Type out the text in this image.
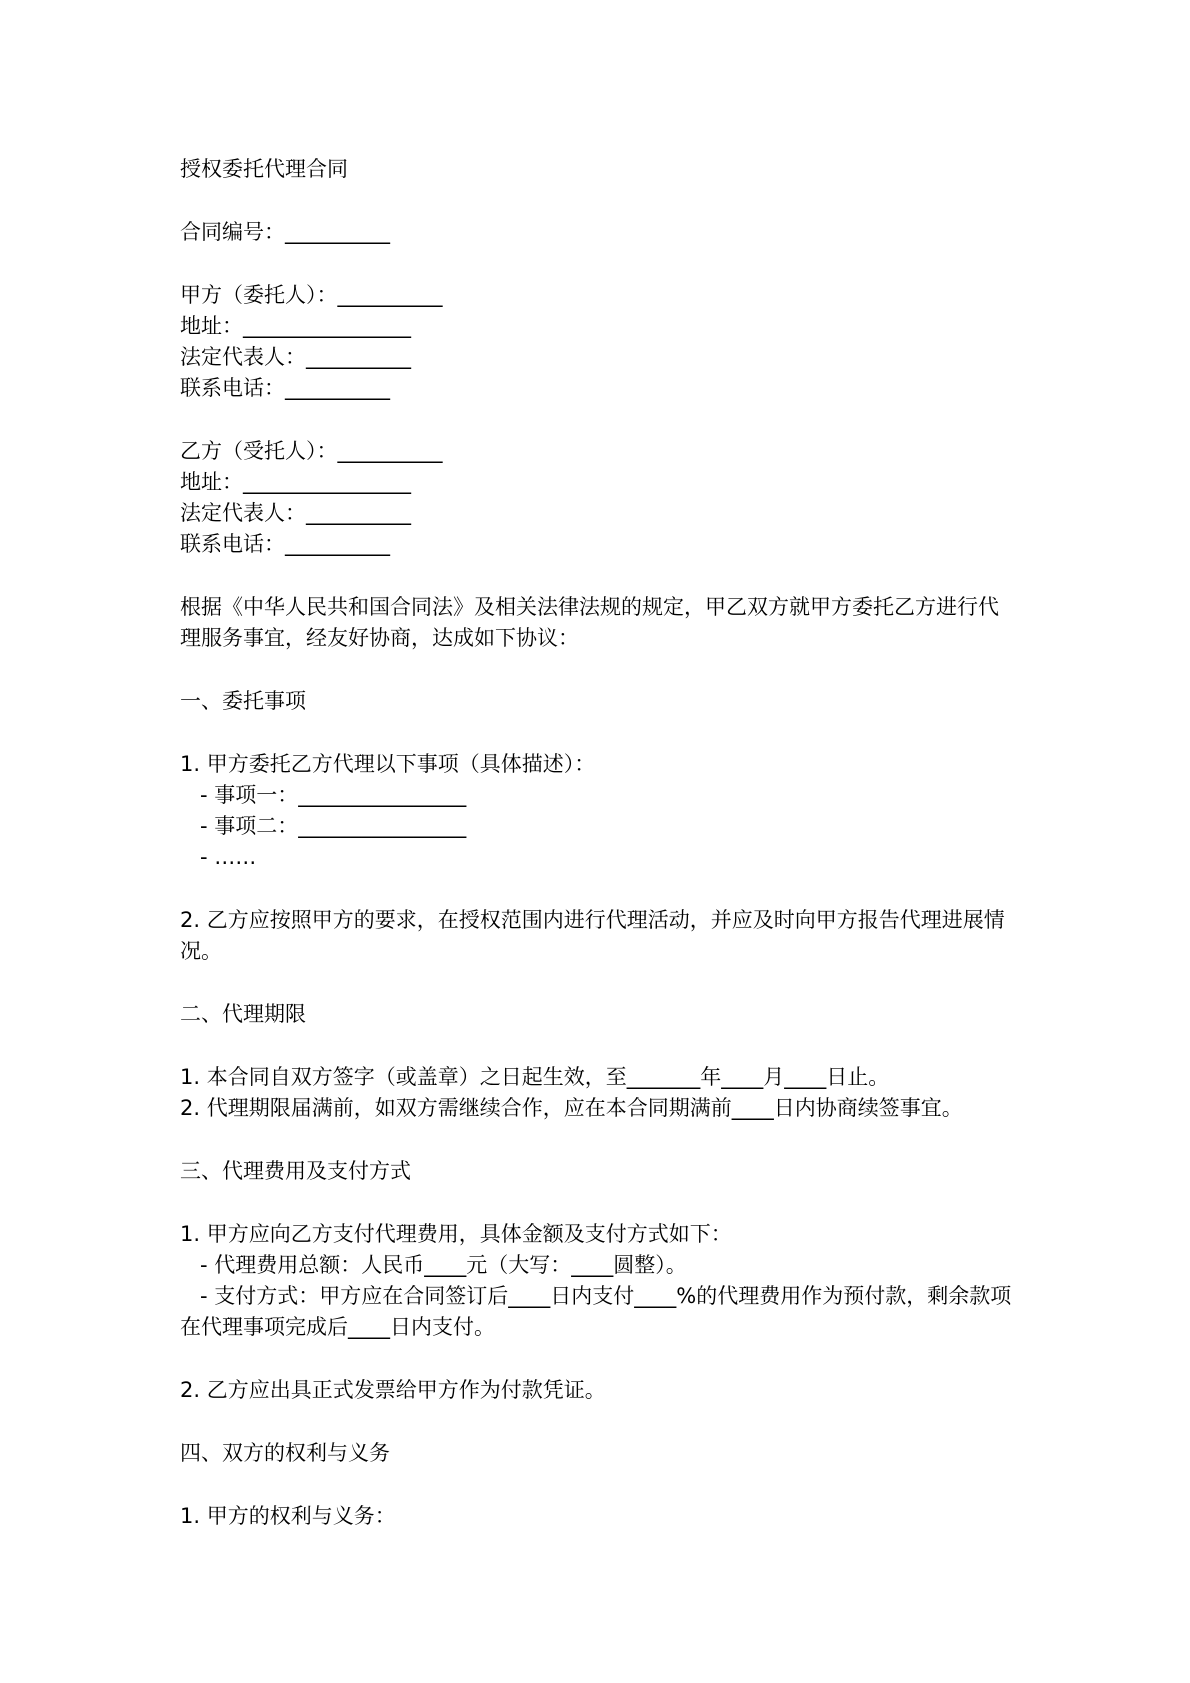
授权委托代理合同
合同编号：__________
甲方（委托人）：__________
地址：________________
法定代表人：__________
联系电话：__________
乙方（受托人）：__________
地址：________________
法定代表人：__________
联系电话：__________
根据《中华人民共和国合同法》及相关法律法规的规定，甲乙双方就甲方委托乙方进行代
理服务事宜，经友好协商，达成如下协议：
一、委托事项
1. 甲方委托乙方代理以下事项（具体描述）：
- 事项一：________________
- 事项二：________________
- ……
2. 乙方应按照甲方的要求，在授权范围内进行代理活动，并应及时向甲方报告代理进展情
况。
二、代理期限
1. 本合同自双方签字（或盖章）之日起生效，至_______年____月____日止。
2. 代理期限届满前，如双方需继续合作，应在本合同期满前____日内协商续签事宜。
三、代理费用及支付方式
1. 甲方应向乙方支付代理费用，具体金额及支付方式如下：
- 代理费用总额：人民币____元（大写：____圆整）。
- 支付方式：甲方应在合同签订后____日内支付____%的代理费用作为预付款，剩余款项
在代理事项完成后____日内支付。
2. 乙方应出具正式发票给甲方作为付款凭证。
四、双方的权利与义务
1. 甲方的权利与义务：
